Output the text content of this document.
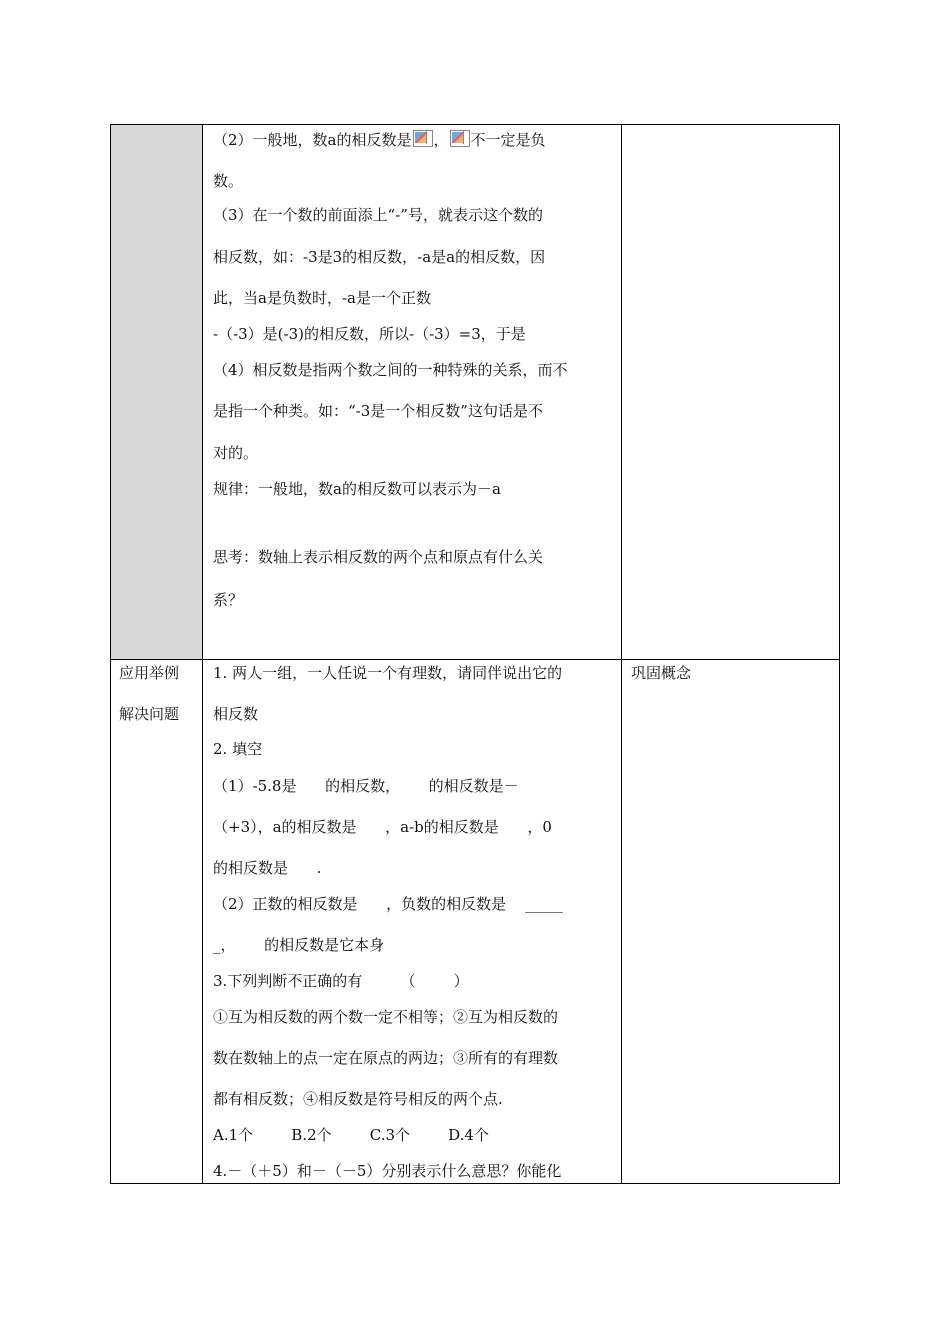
（2）一般地，数a的相反数是 ， 不一定是负
数。
（3）在一个数的前面添上“-”号，就表示这个数的
相反数，如：-3是3的相反数，-a是a的相反数，因
此，当a是负数时，-a是一个正数
-（-3）是(-3)的相反数，所以-（-3）=3，于是
（4）相反数是指两个数之间的一种特殊的关系，而不
是指一个种类。如：“-3是一个相反数”这句话是不
对的。
规律：一般地，数a的相反数可以表示为－a
思考：数轴上表示相反数的两个点和原点有什么关
系？
应用举例
解决问题
巩固概念
1. 两人一组，一人任说一个有理数，请同伴说出它的
相反数
2. 填空
（1）-5.8是      的相反数，      的相反数是－
（+3），a的相反数是      ，a-b的相反数是      ，0
的相反数是      .
（2）正数的相反数是      ，负数的相反数是    _____
_，      的相反数是它本身
3.下列判断不正确的有        （        ）
①互为相反数的两个数一定不相等；②互为相反数的
数在数轴上的点一定在原点的两边；③所有的有理数
都有相反数；④相反数是符号相反的两个点.
A.1个        B.2个        C.3个        D.4个
4.－（＋5）和－（－5）分别表示什么意思？你能化
